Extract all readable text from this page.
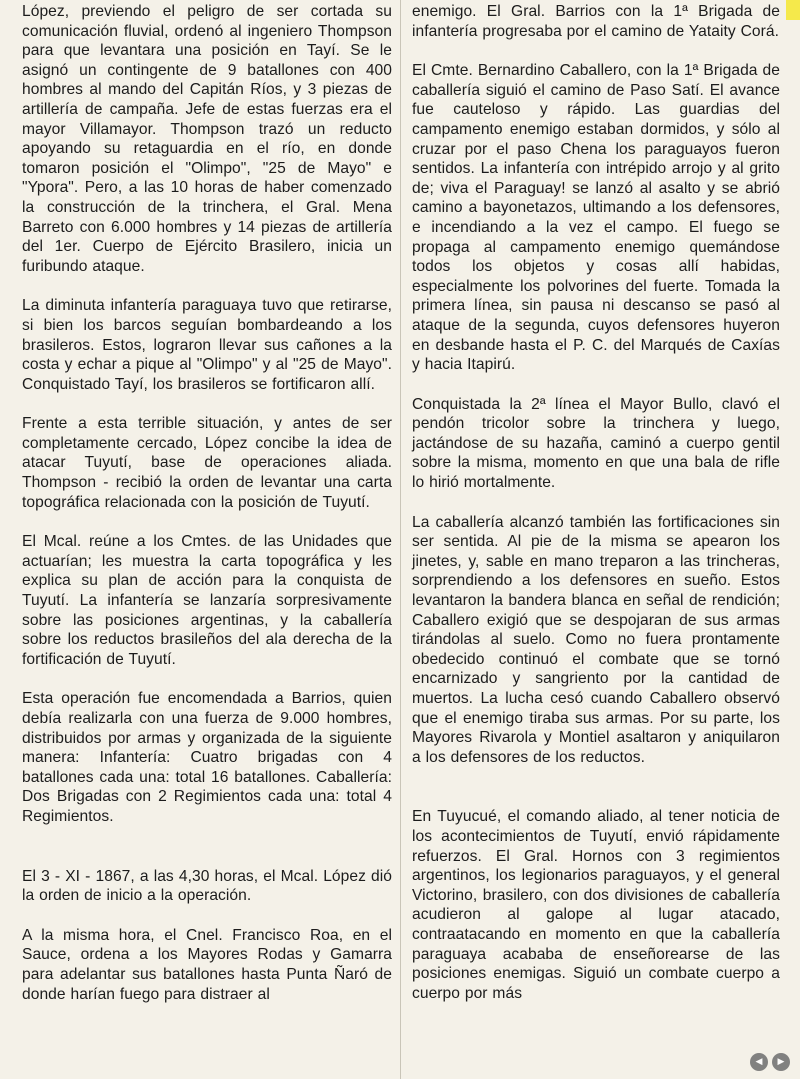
López, previendo el peligro de ser cortada su comunicación fluvial, ordenó al ingeniero Thompson para que levantara una posición en Tayí. Se le asignó un contingente de 9 batallones con 400 hombres al mando del Capitán Ríos, y 3 piezas de artillería de campaña. Jefe de estas fuerzas era el mayor Villamayor. Thompson trazó un reducto apoyando su retaguardia en el río, en donde tomaron posición el "Olimpo", "25 de Mayo" e "Ypora". Pero, a las 10 horas de haber comenzado la construcción de la trinchera, el Gral. Mena Barreto con 6.000 hombres y 14 piezas de artillería del 1er. Cuerpo de Ejército Brasilero, inicia un furibundo ataque.

La diminuta infantería paraguaya tuvo que retirarse, si bien los barcos seguían bombardeando a los brasileros. Estos, lograron llevar sus cañones a la costa y echar a pique al "Olimpo" y al "25 de Mayo". Conquistado Tayí, los brasileros se fortificaron allí.

Frente a esta terrible situación, y antes de ser completamente cercado, López concibe la idea de atacar Tuyutí, base de operaciones aliada. Thompson - recibió la orden de levantar una carta topográfica relacionada con la posición de Tuyutí.

El Mcal. reúne a los Cmtes. de las Unidades que actuarían; les muestra la carta topográfica y les explica su plan de acción para la conquista de Tuyutí. La infantería se lanzaría sorpresivamente sobre las posiciones argentinas, y la caballería sobre los reductos brasileños del ala derecha de la fortificación de Tuyutí.

Esta operación fue encomendada a Barrios, quien debía realizarla con una fuerza de 9.000 hombres, distribuidos por armas y organizada de la siguiente manera: Infantería: Cuatro brigadas con 4 batallones cada una: total 16 batallones. Caballería: Dos Brigadas con 2 Regimientos cada una: total 4 Regimientos.

El 3 - XI - 1867, a las 4,30 horas, el Mcal. López dió la orden de inicio a la operación.

A la misma hora, el Cnel. Francisco Roa, en el Sauce, ordena a los Mayores Rodas y Gamarra para adelantar sus batallones hasta Punta Ñaró de donde harían fuego para distraer al

enemigo. El Gral. Barrios con la 1ª Brigada de infantería progresaba por el camino de Yataity Corá.

El Cmte. Bernardino Caballero, con la 1ª Brigada de caballería siguió el camino de Paso Satí. El avance fue cauteloso y rápido. Las guardias del campamento enemigo estaban dormidos, y sólo al cruzar por el paso Chena los paraguayos fueron sentidos. La infantería con intrépido arrojo y al grito de; viva el Paraguay! se lanzó al asalto y se abrió camino a bayonetazos, ultimando a los defensores, e incendiando a la vez el campo. El fuego se propaga al campamento enemigo quemándose todos los objetos y cosas allí habidas, especialmente los polvorines del fuerte. Tomada la primera línea, sin pausa ni descanso se pasó al ataque de la segunda, cuyos defensores huyeron en desbande hasta el P. C. del Marqués de Caxías y hacia Itapirú.

Conquistada la 2ª línea el Mayor Bullo, clavó el pendón tricolor sobre la trinchera y luego, jactándose de su hazaña, caminó a cuerpo gentil sobre la misma, momento en que una bala de rifle lo hirió mortalmente.

La caballería alcanzó también las fortificaciones sin ser sentida. Al pie de la misma se apearon los jinetes, y, sable en mano treparon a las trincheras, sorprendiendo a los defensores en sueño. Estos levantaron la bandera blanca en señal de rendición; Caballero exigió que se despojaran de sus armas tirándolas al suelo. Como no fuera prontamente obedecido continuó el combate que se tornó encarnizado y sangriento por la cantidad de muertos. La lucha cesó cuando Caballero observó que el enemigo tiraba sus armas. Por su parte, los Mayores Rivarola y Montiel asaltaron y aniquilaron a los defensores de los reductos.

En Tuyucué, el comando aliado, al tener noticia de los acontecimientos de Tuyutí, envió rápidamente refuerzos. El Gral. Hornos con 3 regimientos argentinos, los legionarios paraguayos, y el general Victorino, brasilero, con dos divisiones de caballería acudieron al galope al lugar atacado, contraatacando en momento en que la caballería paraguaya acababa de enseñorearse de las posiciones enemigas. Siguió un combate cuerpo a cuerpo por más

◀	▶
